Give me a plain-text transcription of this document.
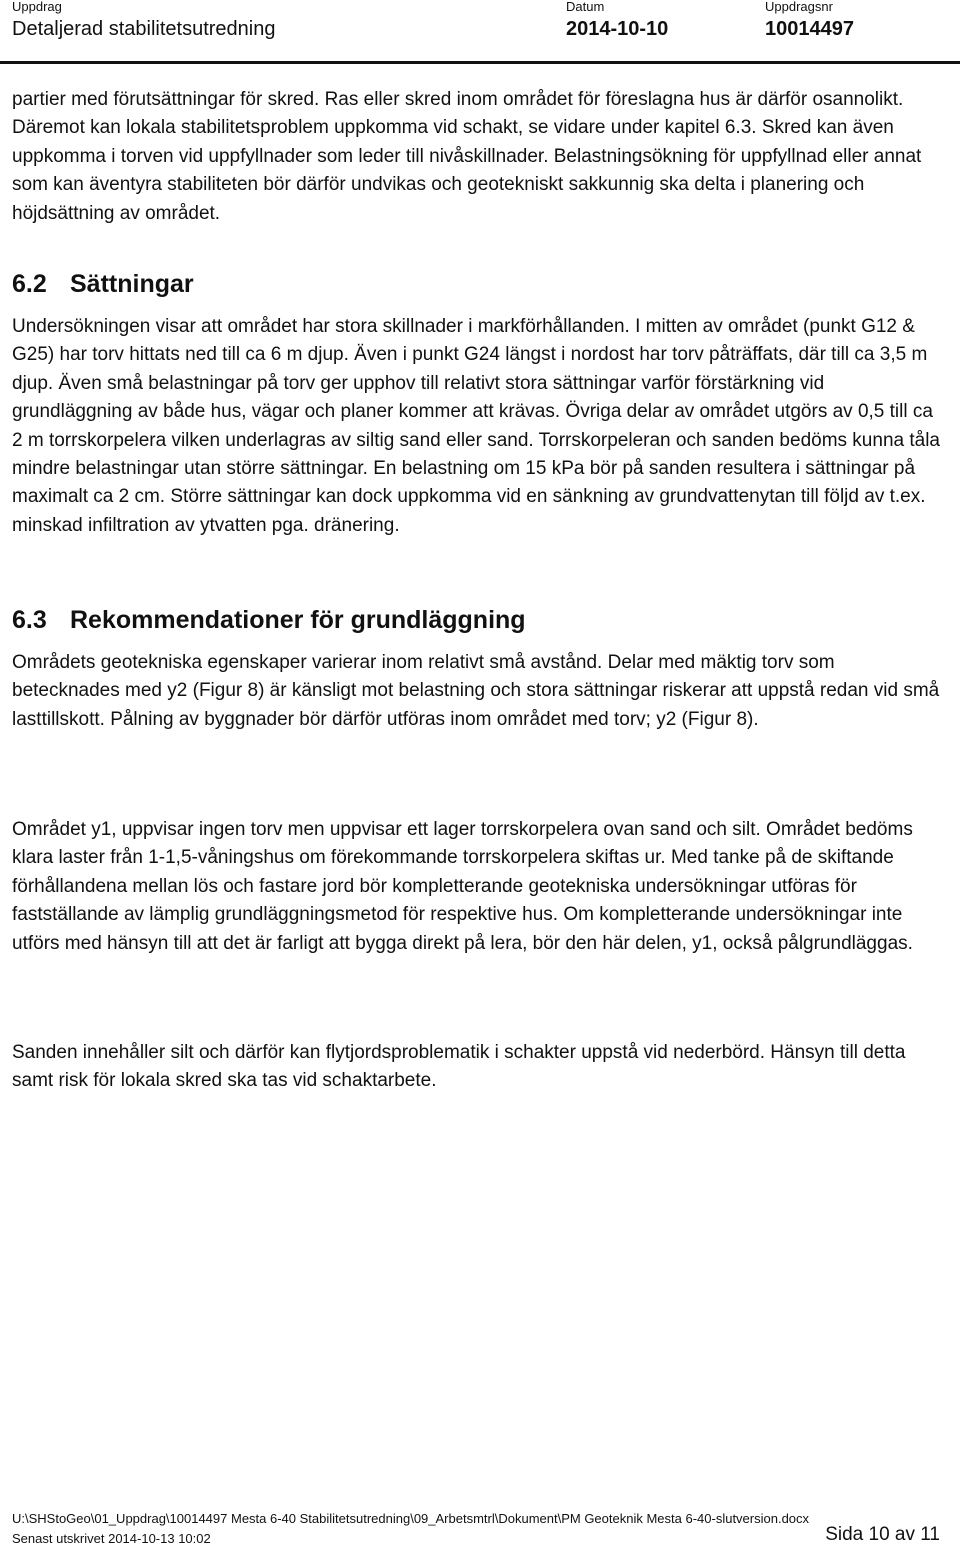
Uppdrag
Detaljerad stabilitetsutredning
Datum
2014-10-10
Uppdragsnr
10014497

partier med förutsättningar för skred. Ras eller skred inom området för föreslagna hus är därför osannolikt. Däremot kan lokala stabilitetsproblem uppkomma vid schakt, se vidare under kapitel 6.3. Skred kan även uppkomma i torven vid uppfyllnader som leder till nivåskillnader. Belastningsökning för uppfyllnad eller annat som kan äventyra stabiliteten bör därför undvikas och geotekniskt sakkunnig ska delta i planering och höjdsättning av området.

6.2 Sättningar

Undersökningen visar att området har stora skillnader i markförhållanden. I mitten av området (punkt G12 & G25) har torv hittats ned till ca 6 m djup. Även i punkt G24 längst i nordost har torv påträffats, där till ca 3,5 m djup. Även små belastningar på torv ger upphov till relativt stora sättningar varför förstärkning vid grundläggning av både hus, vägar och planer kommer att krävas. Övriga delar av området utgörs av 0,5 till ca 2 m torrskorpelera vilken underlagras av siltig sand eller sand. Torrskorpeleran och sanden bedöms kunna tåla mindre belastningar utan större sättningar. En belastning om 15 kPa bör på sanden resultera i sättningar på maximalt ca 2 cm. Större sättningar kan dock uppkomma vid en sänkning av grundvattenytan till följd av t.ex. minskad infiltration av ytvatten pga. dränering.

6.3 Rekommendationer för grundläggning

Områdets geotekniska egenskaper varierar inom relativt små avstånd. Delar med mäktig torv som betecknades med y2 (Figur 8) är känsligt mot belastning och stora sättningar riskerar att uppstå redan vid små lasttillskott. Pålning av byggnader bör därför utföras inom området med torv; y2 (Figur 8).

Området y1, uppvisar ingen torv men uppvisar ett lager torrskorpelera ovan sand och silt. Området bedöms klara laster från 1-1,5-våningshus om förekommande torrskorpelera skiftas ur. Med tanke på de skiftande förhållandena mellan lös och fastare jord bör kompletterande geotekniska undersökningar utföras för fastställande av lämplig grundläggningsmetod för respektive hus. Om kompletterande undersökningar inte utförs med hänsyn till att det är farligt att bygga direkt på lera, bör den här delen, y1, också pålgrundläggas.

Sanden innehåller silt och därför kan flytjordsproblematik i schakter uppstå vid nederbörd. Hänsyn till detta samt risk för lokala skred ska tas vid schaktarbete.

U:\SHStoGeo\01_Uppdrag\10014497 Mesta 6-40 Stabilitetsutredning\09_Arbetsmtrl\Dokument\PM Geoteknik Mesta 6-40-slutversion.docx
Senast utskrivet 2014-10-13 10:02	Sida 10 av 11
